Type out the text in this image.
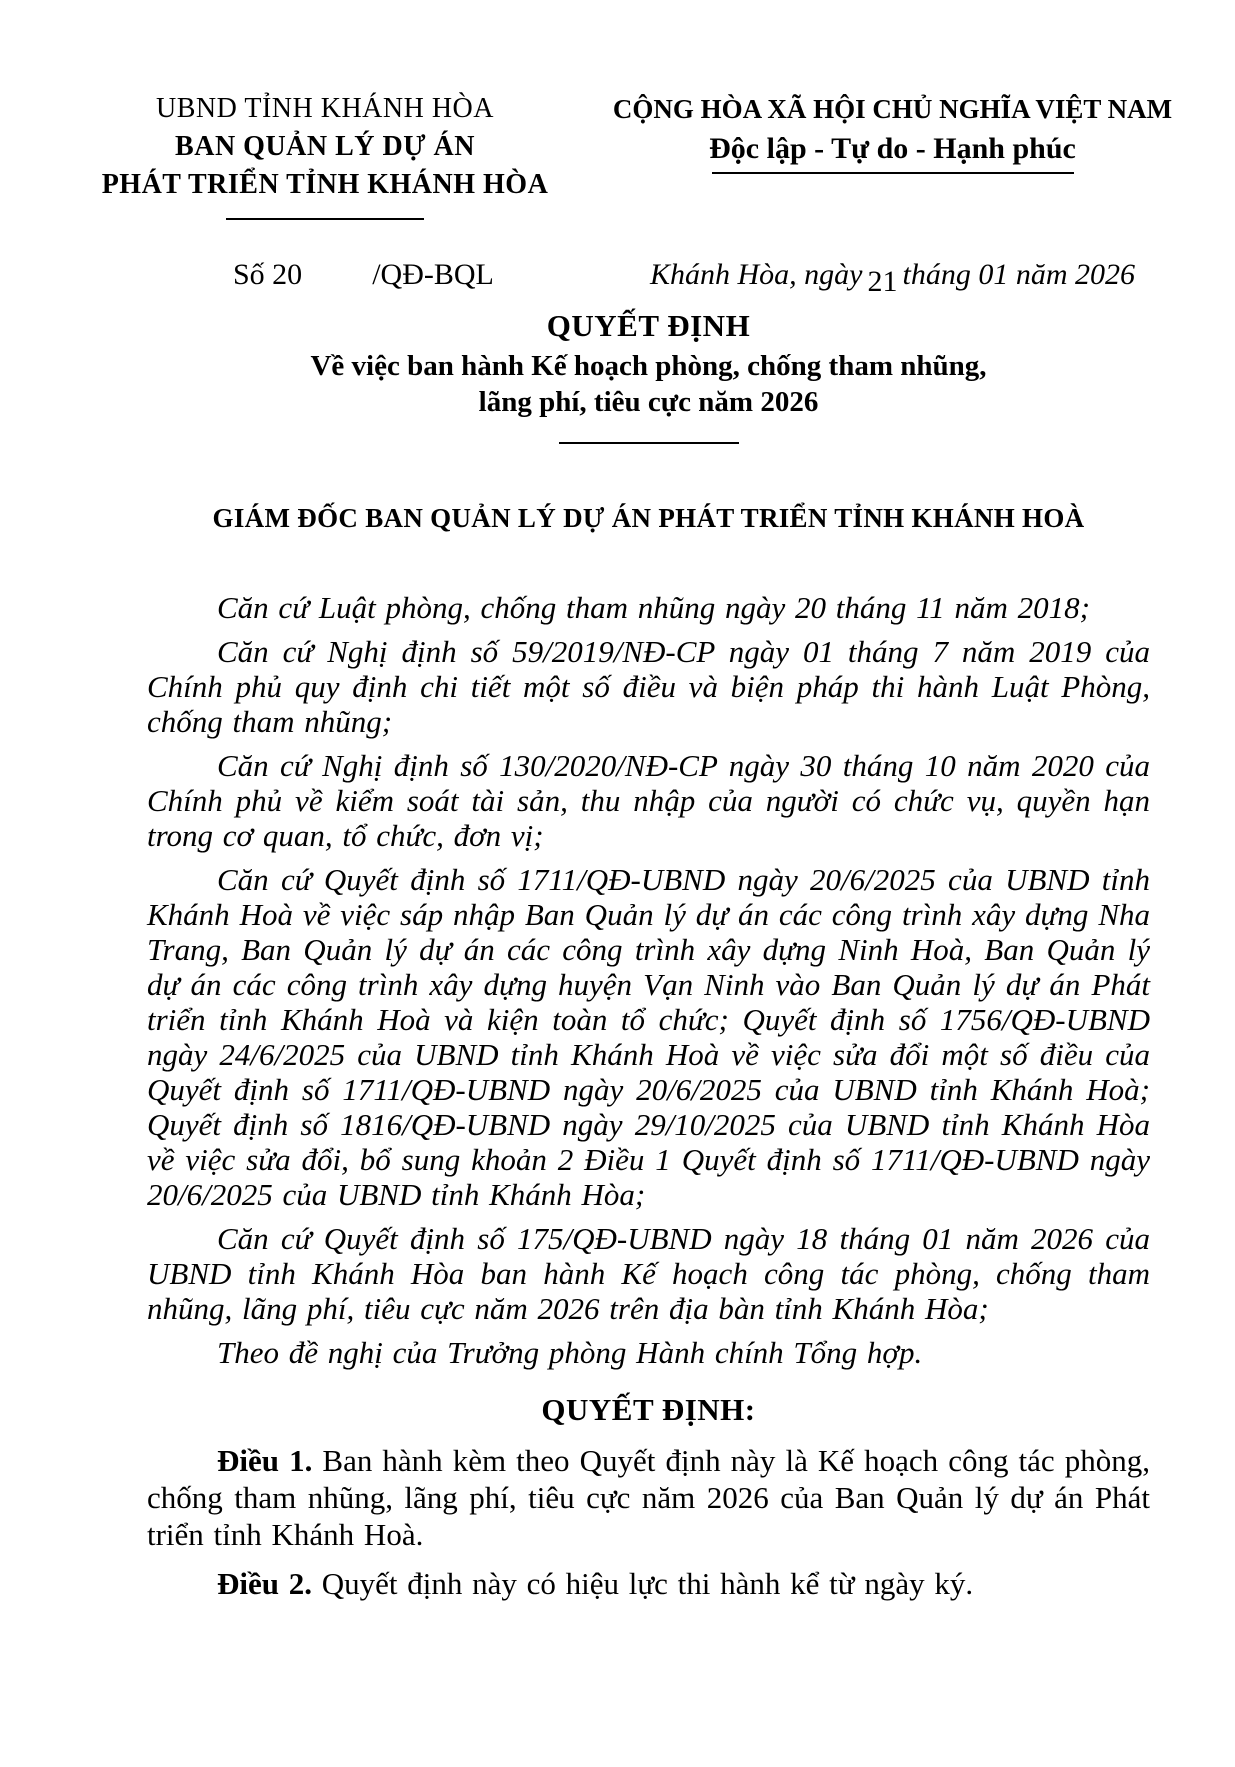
UBND TỈNH KHÁNH HÒA
BAN QUẢN LÝ DỰ ÁN
PHÁT TRIỂN TỈNH KHÁNH HÒA
CỘNG HÒA XÃ HỘI CHỦ NGHĨA VIỆT NAM
Độc lập - Tự do - Hạnh phúc
Số 20 /QĐ-BQL	Khánh Hòa, ngày 21 tháng 01 năm 2026
QUYẾT ĐỊNH
Về việc ban hành Kế hoạch phòng, chống tham nhũng,
lãng phí, tiêu cực năm 2026
GIÁM ĐỐC BAN QUẢN LÝ DỰ ÁN PHÁT TRIỂN TỈNH KHÁNH HOÀ

Căn cứ Luật phòng, chống tham nhũng ngày 20 tháng 11 năm 2018;

Căn cứ Nghị định số 59/2019/NĐ-CP ngày 01 tháng 7 năm 2019 của Chính phủ quy định chi tiết một số điều và biện pháp thi hành Luật Phòng, chống tham nhũng;

Căn cứ Nghị định số 130/2020/NĐ-CP ngày 30 tháng 10 năm 2020 của Chính phủ về kiểm soát tài sản, thu nhập của người có chức vụ, quyền hạn trong cơ quan, tổ chức, đơn vị;

Căn cứ Quyết định số 1711/QĐ-UBND ngày 20/6/2025 của UBND tỉnh Khánh Hoà về việc sáp nhập Ban Quản lý dự án các công trình xây dựng Nha Trang, Ban Quản lý dự án các công trình xây dựng Ninh Hoà, Ban Quản lý dự án các công trình xây dựng huyện Vạn Ninh vào Ban Quản lý dự án Phát triển tỉnh Khánh Hoà và kiện toàn tổ chức; Quyết định số 1756/QĐ-UBND ngày 24/6/2025 của UBND tỉnh Khánh Hoà về việc sửa đổi một số điều của Quyết định số 1711/QĐ-UBND ngày 20/6/2025 của UBND tỉnh Khánh Hoà; Quyết định số 1816/QĐ-UBND ngày 29/10/2025 của UBND tỉnh Khánh Hòa về việc sửa đổi, bổ sung khoản 2 Điều 1 Quyết định số 1711/QĐ-UBND ngày 20/6/2025 của UBND tỉnh Khánh Hòa;

Căn cứ Quyết định số 175/QĐ-UBND ngày 18 tháng 01 năm 2026 của UBND tỉnh Khánh Hòa ban hành Kế hoạch công tác phòng, chống tham nhũng, lãng phí, tiêu cực năm 2026 trên địa bàn tỉnh Khánh Hòa;

Theo đề nghị của Trưởng phòng Hành chính Tổng hợp.

QUYẾT ĐỊNH:

Điều 1. Ban hành kèm theo Quyết định này là Kế hoạch công tác phòng, chống tham nhũng, lãng phí, tiêu cực năm 2026 của Ban Quản lý dự án Phát triển tỉnh Khánh Hoà.

Điều 2. Quyết định này có hiệu lực thi hành kể từ ngày ký.
